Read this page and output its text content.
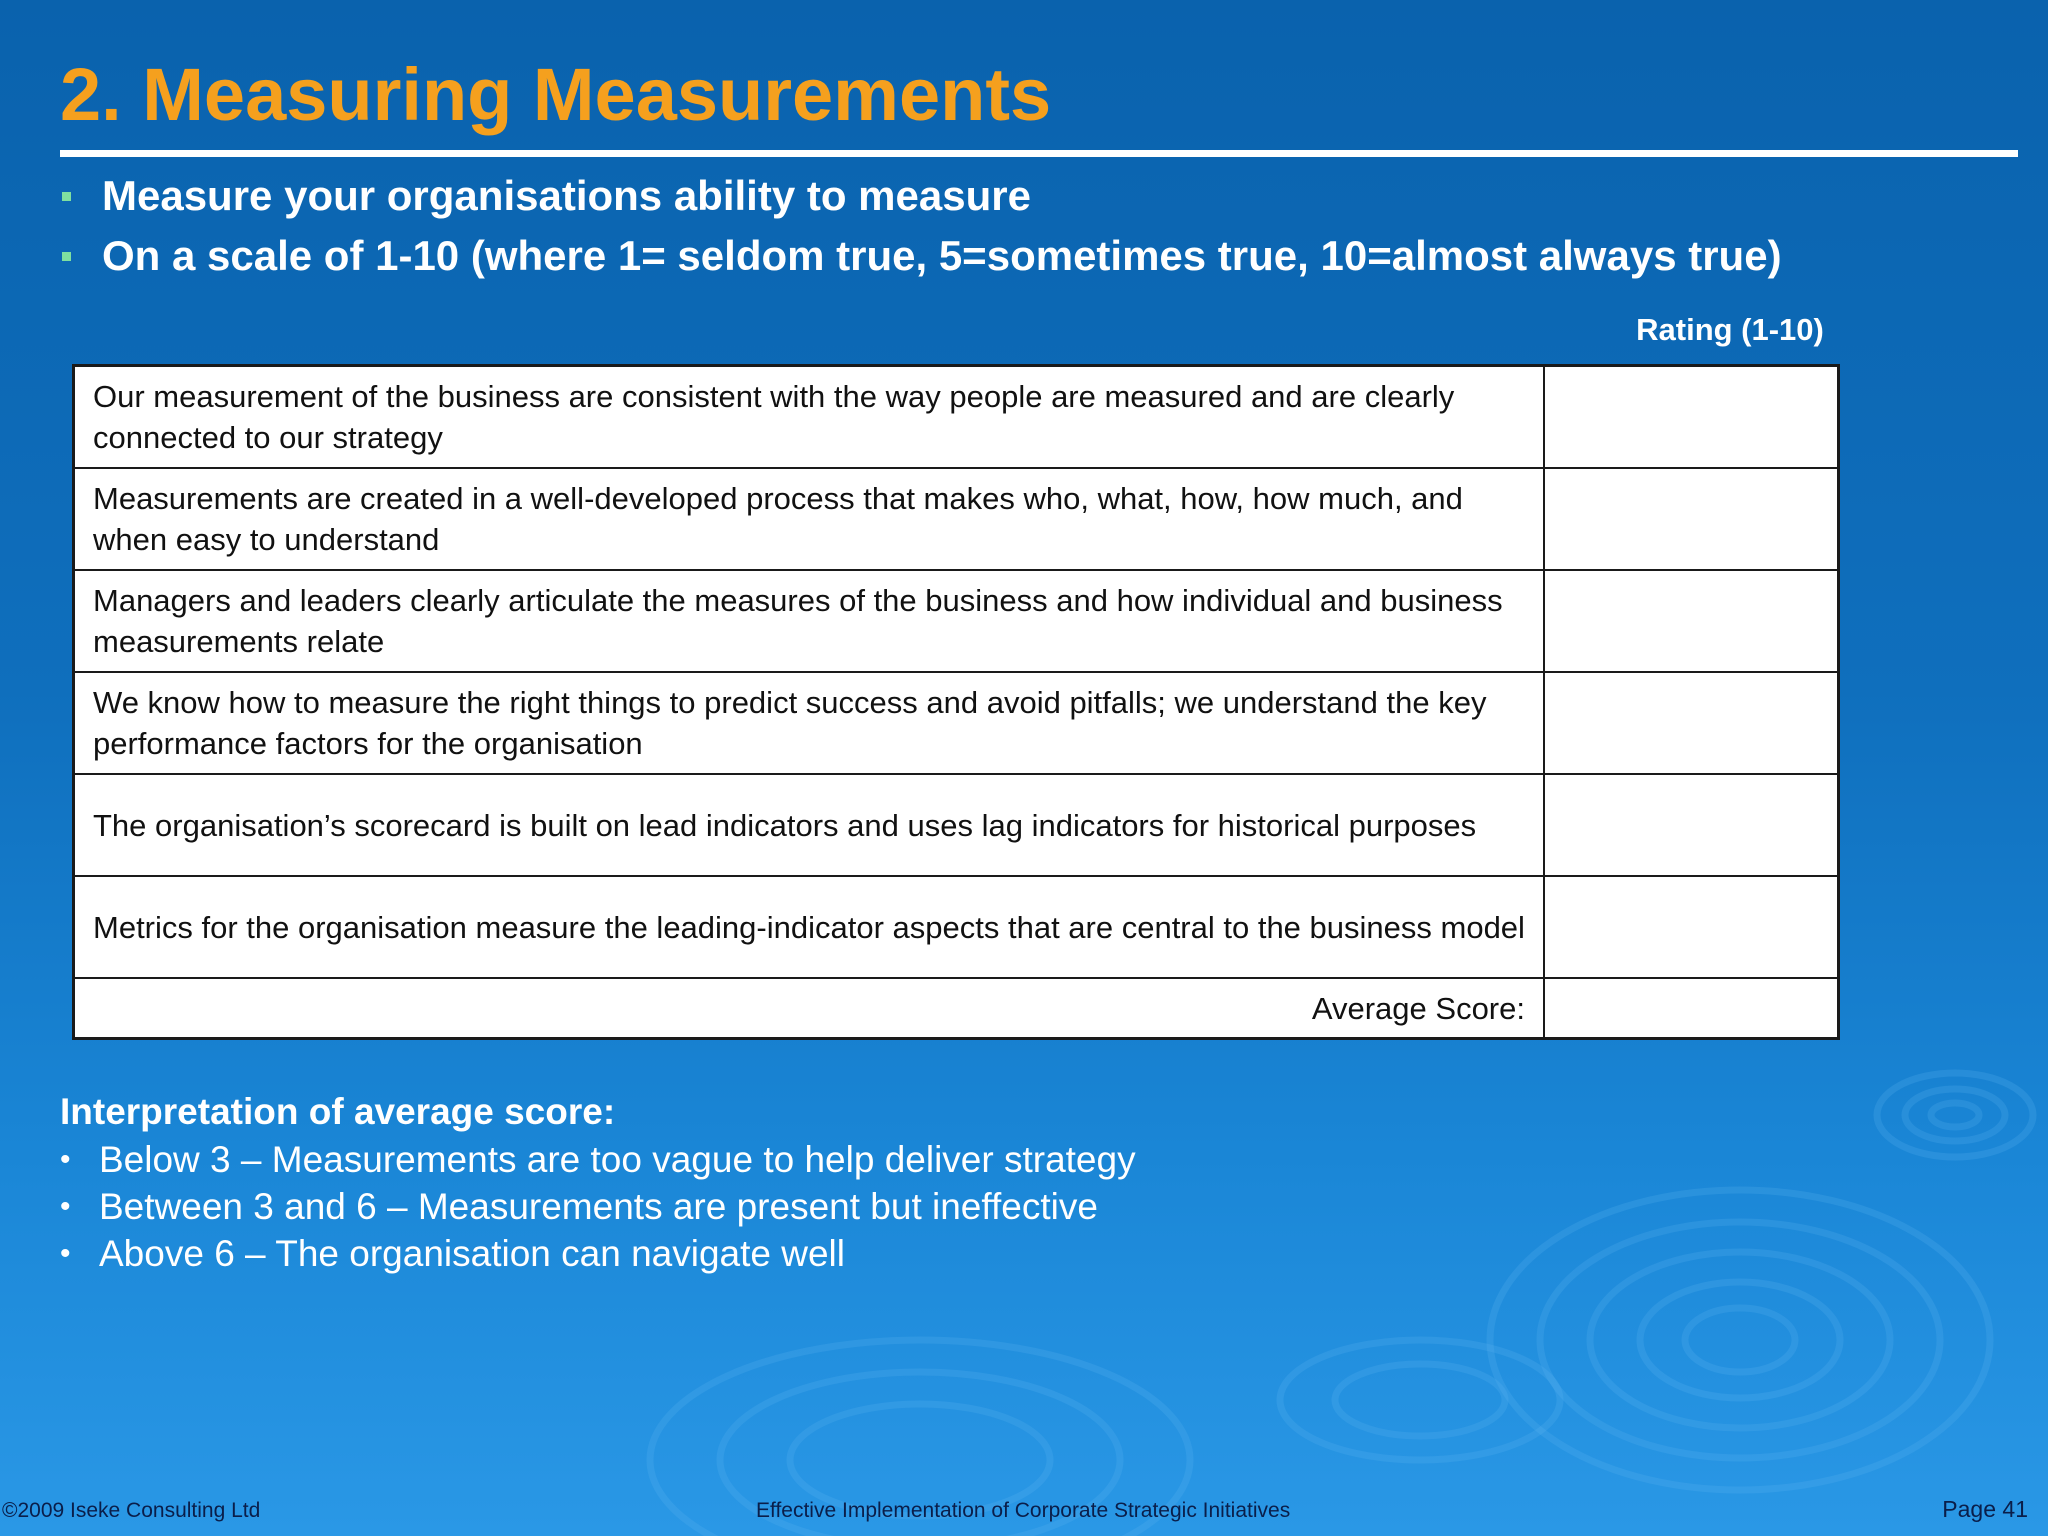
2. Measuring Measurements
Measure your organisations ability to measure
On a scale of 1-10 (where 1= seldom true, 5=sometimes true, 10=almost always true)
Rating (1-10)
Our measurement of the business are consistent with the way people are measured and are clearly connected to our strategy	
Measurements are created in a well-developed process that makes who, what, how, how much, and when easy to understand	
Managers and leaders clearly articulate the measures of the business and how individual and business measurements relate	
We know how to measure the right things to predict success and avoid pitfalls; we understand the key performance factors for the organisation	
The organisation’s scorecard is built on lead indicators and uses lag indicators for historical purposes	
Metrics for the organisation measure the leading-indicator aspects that are central to the business model	
Average Score:	
Interpretation of average score:
• Below 3 – Measurements are too vague to help deliver strategy
• Between 3 and 6 – Measurements are present but ineffective
• Above 6 – The organisation can navigate well
©2009 Iseke Consulting Ltd	Effective Implementation of Corporate Strategic Initiatives	Page 41
